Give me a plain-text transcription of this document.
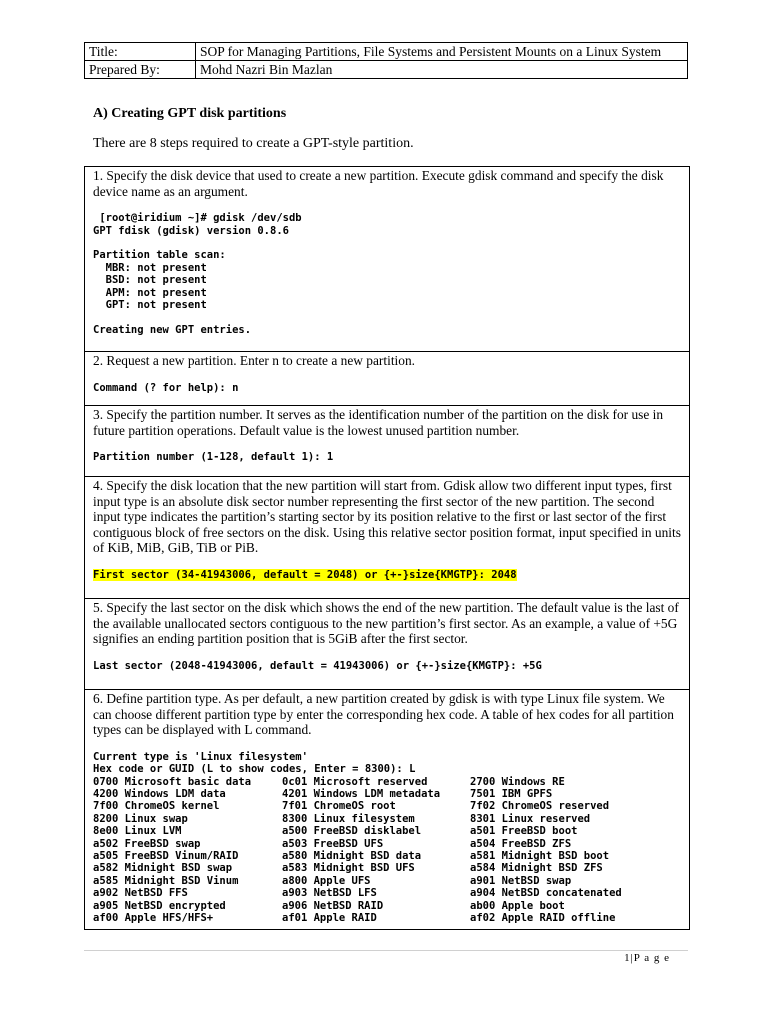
Title:	SOP for Managing Partitions, File Systems and Persistent Mounts on a Linux System
Prepared By:	Mohd Nazri Bin Mazlan
A) Creating GPT disk partitions
There are 8 steps required to create a GPT-style partition.

1. Specify the disk device that used to create a new partition. Execute gdisk command and specify the disk device name as an argument.

[root@iridium ~]# gdisk /dev/sdb
GPT fdisk (gdisk) version 0.8.6

Partition table scan:
MBR: not present
BSD: not present
APM: not present
GPT: not present

Creating new GPT entries.

2. Request a new partition. Enter n to create a new partition.

Command (? for help): n

3. Specify the partition number. It serves as the identification number of the partition on the disk for use in future partition operations. Default value is the lowest unused partition number.

Partition number (1-128, default 1): 1

4. Specify the disk location that the new partition will start from. Gdisk allow two different input types, first input type is an absolute disk sector number representing the first sector of the new partition. The second input type indicates the partition’s starting sector by its position relative to the first or last sector of the first contiguous block of free sectors on the disk. Using this relative sector position format, input specified in units of KiB, MiB, GiB, TiB or PiB.

First sector (34-41943006, default = 2048) or {+-}size{KMGTP}: 2048

5. Specify the last sector on the disk which shows the end of the new partition. The default value is the last of the available unallocated sectors contiguous to the new partition’s first sector. As an example, a value of +5G signifies an ending partition position that is 5GiB after the first sector.

Last sector (2048-41943006, default = 41943006) or {+-}size{KMGTP}: +5G

6. Define partition type. As per default, a new partition created by gdisk is with type Linux file system. We can choose different partition type by enter the corresponding hex code. A table of hex codes for all partition types can be displayed with L command.

Current type is 'Linux filesystem'
Hex code or GUID (L to show codes, Enter = 8300): L
0700 Microsoft basic data	0c01 Microsoft reserved	2700 Windows RE
4200 Windows LDM data	4201 Windows LDM metadata	7501 IBM GPFS
7f00 ChromeOS kernel	7f01 ChromeOS root	7f02 ChromeOS reserved
8200 Linux swap	8300 Linux filesystem	8301 Linux reserved
8e00 Linux LVM	a500 FreeBSD disklabel	a501 FreeBSD boot
a502 FreeBSD swap	a503 FreeBSD UFS	a504 FreeBSD ZFS
a505 FreeBSD Vinum/RAID	a580 Midnight BSD data	a581 Midnight BSD boot
a582 Midnight BSD swap	a583 Midnight BSD UFS	a584 Midnight BSD ZFS
a585 Midnight BSD Vinum	a800 Apple UFS	a901 NetBSD swap
a902 NetBSD FFS	a903 NetBSD LFS	a904 NetBSD concatenated
a905 NetBSD encrypted	a906 NetBSD RAID	ab00 Apple boot
af00 Apple HFS/HFS+	af01 Apple RAID	af02 Apple RAID offline
1|P a g e
